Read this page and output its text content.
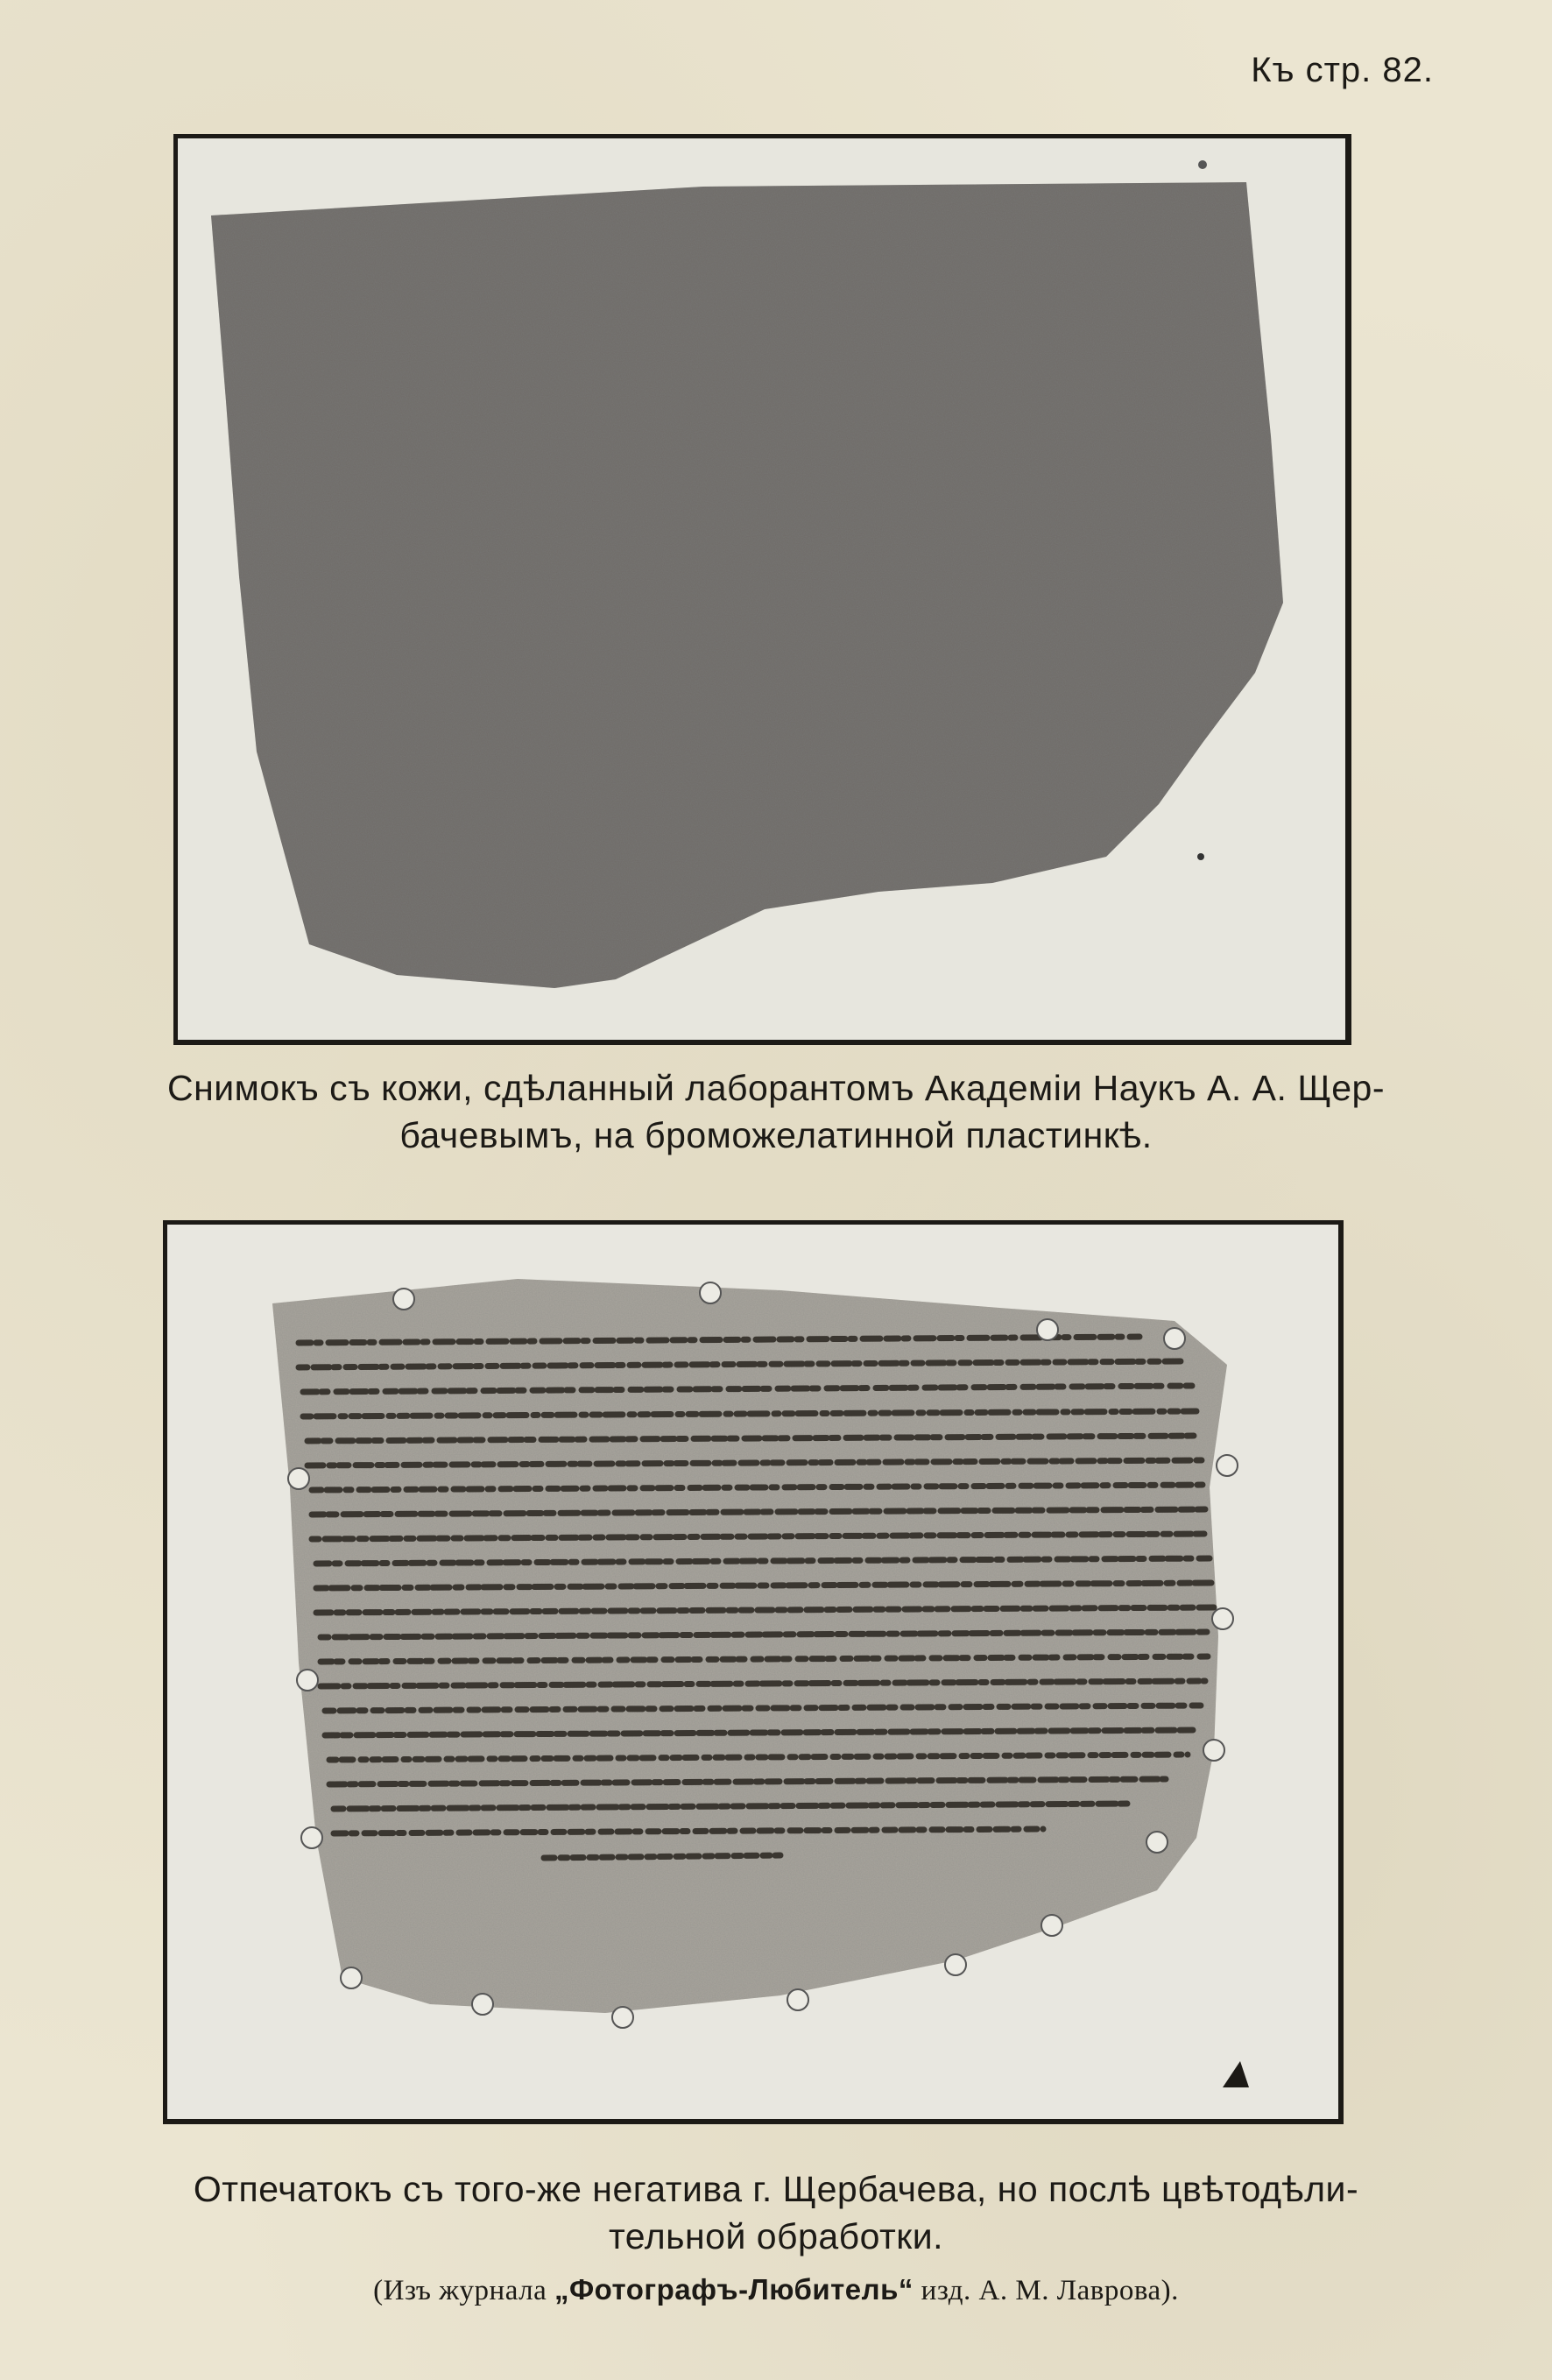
Къ стр. 82.
Снимокъ съ кожи, сдѣланный лаборантомъ Академіи Наукъ А. А. Щер-
бачевымъ, на броможелатинной пластинкѣ.
Отпечатокъ съ того-же негатива г. Щербачева, но послѣ цвѣтодѣли-
тельной обработки.
(Изъ журнала „Фотографъ-Любитель“ изд. А. М. Лаврова).
